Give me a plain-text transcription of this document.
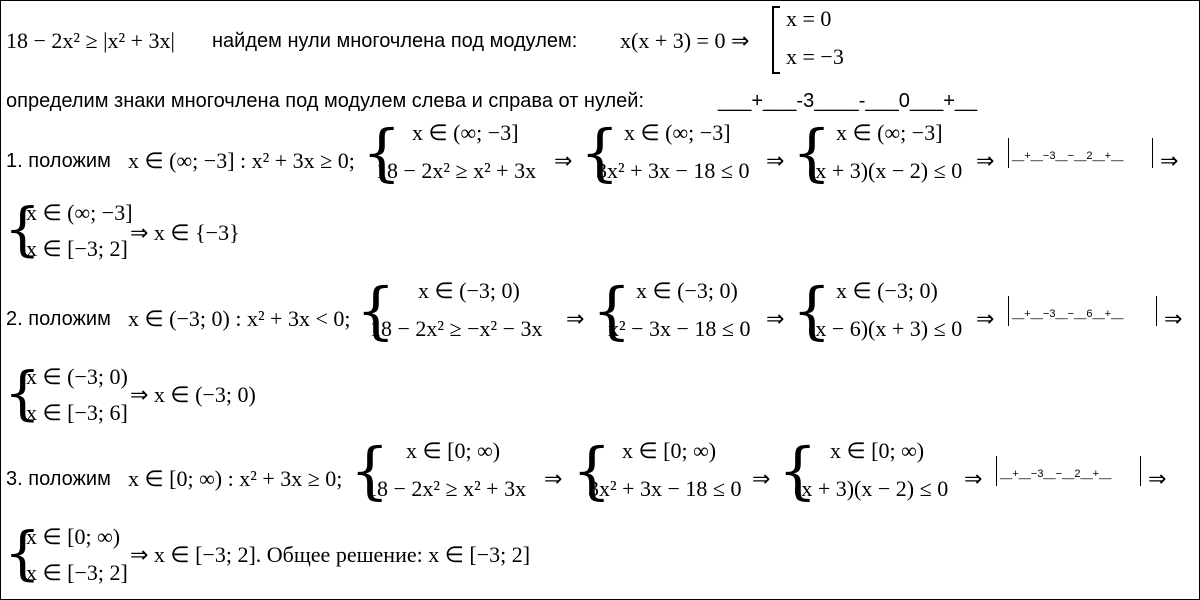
18 − 2x² ≥ |x² + 3x| найдем нули многочлена под модулем: x(x + 3) = 0 ⇒
x = 0
x = −3
определим знаки многочлена под модулем слева и справа от нулей:	___+___-3____-___0___+__
1. положим x ∈ (∞; −3] : x² + 3x ≥ 0; { x ∈ (∞; −3]
18 − 2x² ≥ x² + 3x ⇒ { x ∈ (∞; −3]
3x² + 3x − 18 ≤ 0 ⇒ { x ∈ (∞; −3]
(x + 3)(x − 2) ≤ 0 ⇒ __+__−3__−__2__+__ ⇒
{
x ∈ (∞; −3]
x ∈ [−3; 2]
⇒ x ∈ {−3}
2. положим x ∈ (−3; 0) : x² + 3x < 0; { x ∈ (−3; 0)
18 − 2x² ≥ −x² − 3x ⇒ { x ∈ (−3; 0)
x² − 3x − 18 ≤ 0 ⇒ { x ∈ (−3; 0)
(x − 6)(x + 3) ≤ 0 ⇒ __+__−3__−__6__+__ ⇒
{
x ∈ (−3; 0)
x ∈ [−3; 6]
⇒ x ∈ (−3; 0)
3. положим x ∈ [0; ∞) : x² + 3x ≥ 0; { x ∈ [0; ∞)
18 − 2x² ≥ x² + 3x ⇒ { x ∈ [0; ∞)
3x² + 3x − 18 ≤ 0 ⇒ { x ∈ [0; ∞)
(x + 3)(x − 2) ≤ 0 ⇒ __+__−3__−__2__+__ ⇒
{
x ∈ [0; ∞)
x ∈ [−3; 2]
⇒ x ∈ [−3; 2]. Общее решение: x ∈ [−3; 2]
